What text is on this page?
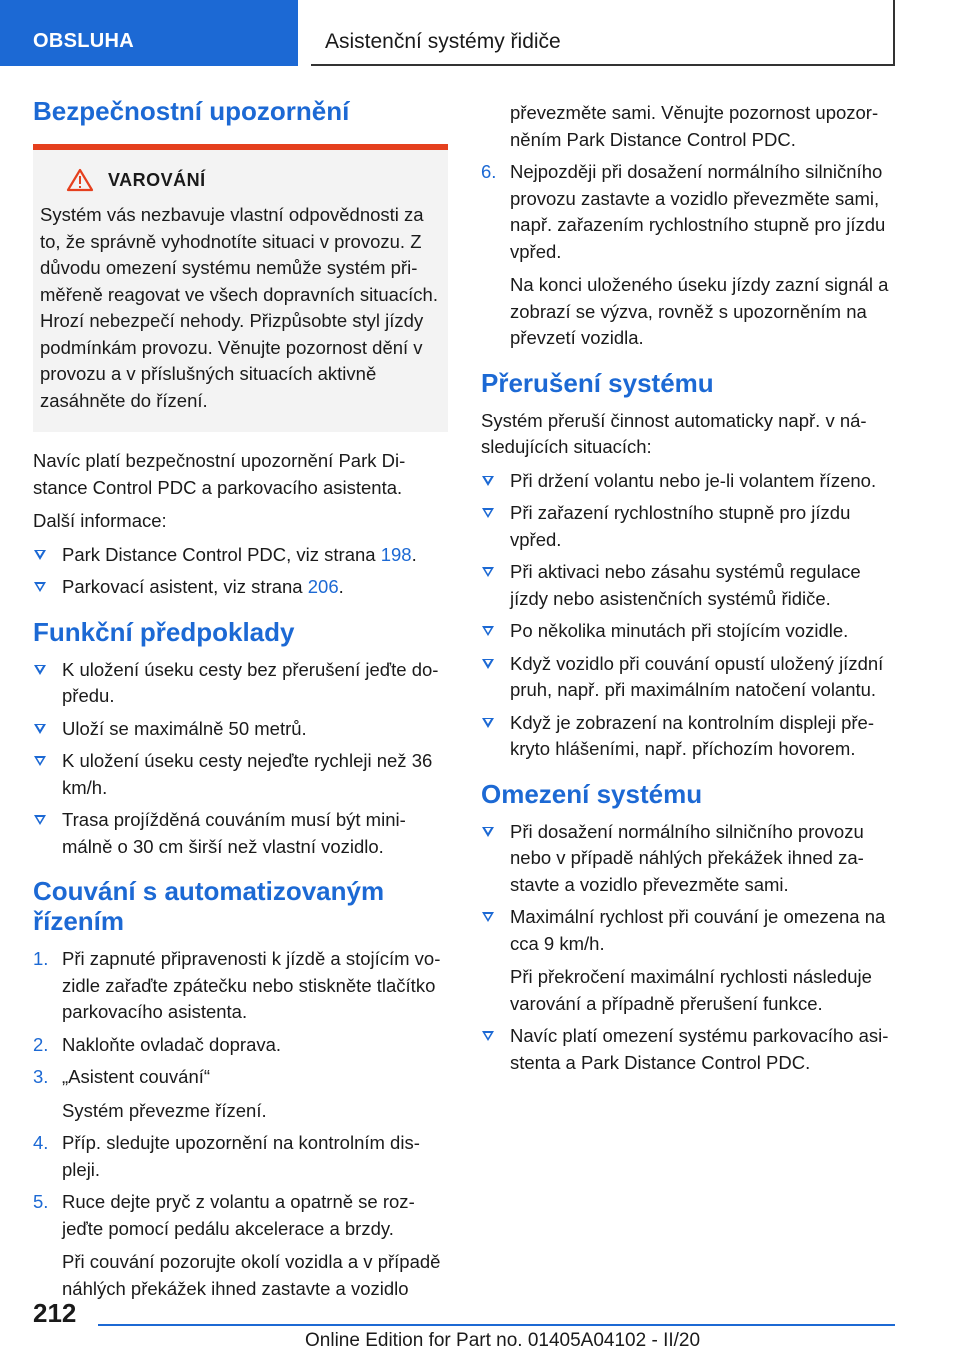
OBSLUHA	Asistenční systémy řidiče
Bezpečnostní upozornění
VAROVÁNÍ

Systém vás nezbavuje vlastní odpovědnosti za to, že správně vyhodnotíte situaci v provozu. Z důvodu omezení systému nemůže systém přiměřeně reagovat ve všech dopravních situacích. Hrozí nebezpečí nehody. Přizpůsobte styl jízdy podmínkám provozu. Věnujte pozornost dění v provozu a v příslušných situacích aktivně zasáhněte do řízení.

Navíc platí bezpečnostní upozornění Park Distance Control PDC a parkovacího asistenta.

Další informace:

Park Distance Control PDC, viz strana 198.
Parkovací asistent, viz strana 206.
Funkční předpoklady
K uložení úseku cesty bez přerušení jeďte dopředu.
Uloží se maximálně 50 metrů.
K uložení úseku cesty nejeďte rychleji než 36 km/h.
Trasa projížděná couváním musí být minimálně o 30 cm širší než vlastní vozidlo.
Couvání s automatizovaným řízením
1. Při zapnuté připravenosti k jízdě a stojícím vozidle zařaďte zpátečku nebo stiskněte tlačítko parkovacího asistenta.
2. Nakloňte ovladač doprava.
3. „Asistent couvání“
Systém převezme řízení.
4. Příp. sledujte upozornění na kontrolním displeji.
5. Ruce dejte pryč z volantu a opatrně se rozjeďte pomocí pedálu akcelerace a brzdy.
Při couvání pozorujte okolí vozidla a v případě náhlých překážek ihned zastavte a vozidlo
převezměte sami. Věnujte pozornost upozorněním Park Distance Control PDC.
6. Nejpozději při dosažení normálního silničního provozu zastavte a vozidlo převezměte sami, např. zařazením rychlostního stupně pro jízdu vpřed.
Na konci uloženého úseku jízdy zazní signál a zobrazí se výzva, rovněž s upozorněním na převzetí vozidla.
Přerušení systému

Systém přeruší činnost automaticky např. v následujících situacích:

Při držení volantu nebo je-li volantem řízeno.
Při zařazení rychlostního stupně pro jízdu vpřed.
Při aktivaci nebo zásahu systémů regulace jízdy nebo asistenčních systémů řidiče.
Po několika minutách při stojícím vozidle.
Když vozidlo při couvání opustí uložený jízdní pruh, např. při maximálním natočení volantu.
Když je zobrazení na kontrolním displeji překryto hlášeními, např. příchozím hovorem.
Omezení systému
Při dosažení normálního silničního provozu nebo v případě náhlých překážek ihned zastavte a vozidlo převezměte sami.
Maximální rychlost při couvání je omezena na cca 9 km/h.
Při překročení maximální rychlosti následuje varování a případně přerušení funkce.
Navíc platí omezení systému parkovacího asistenta a Park Distance Control PDC.
212
Online Edition for Part no. 01405A04102 - II/20
